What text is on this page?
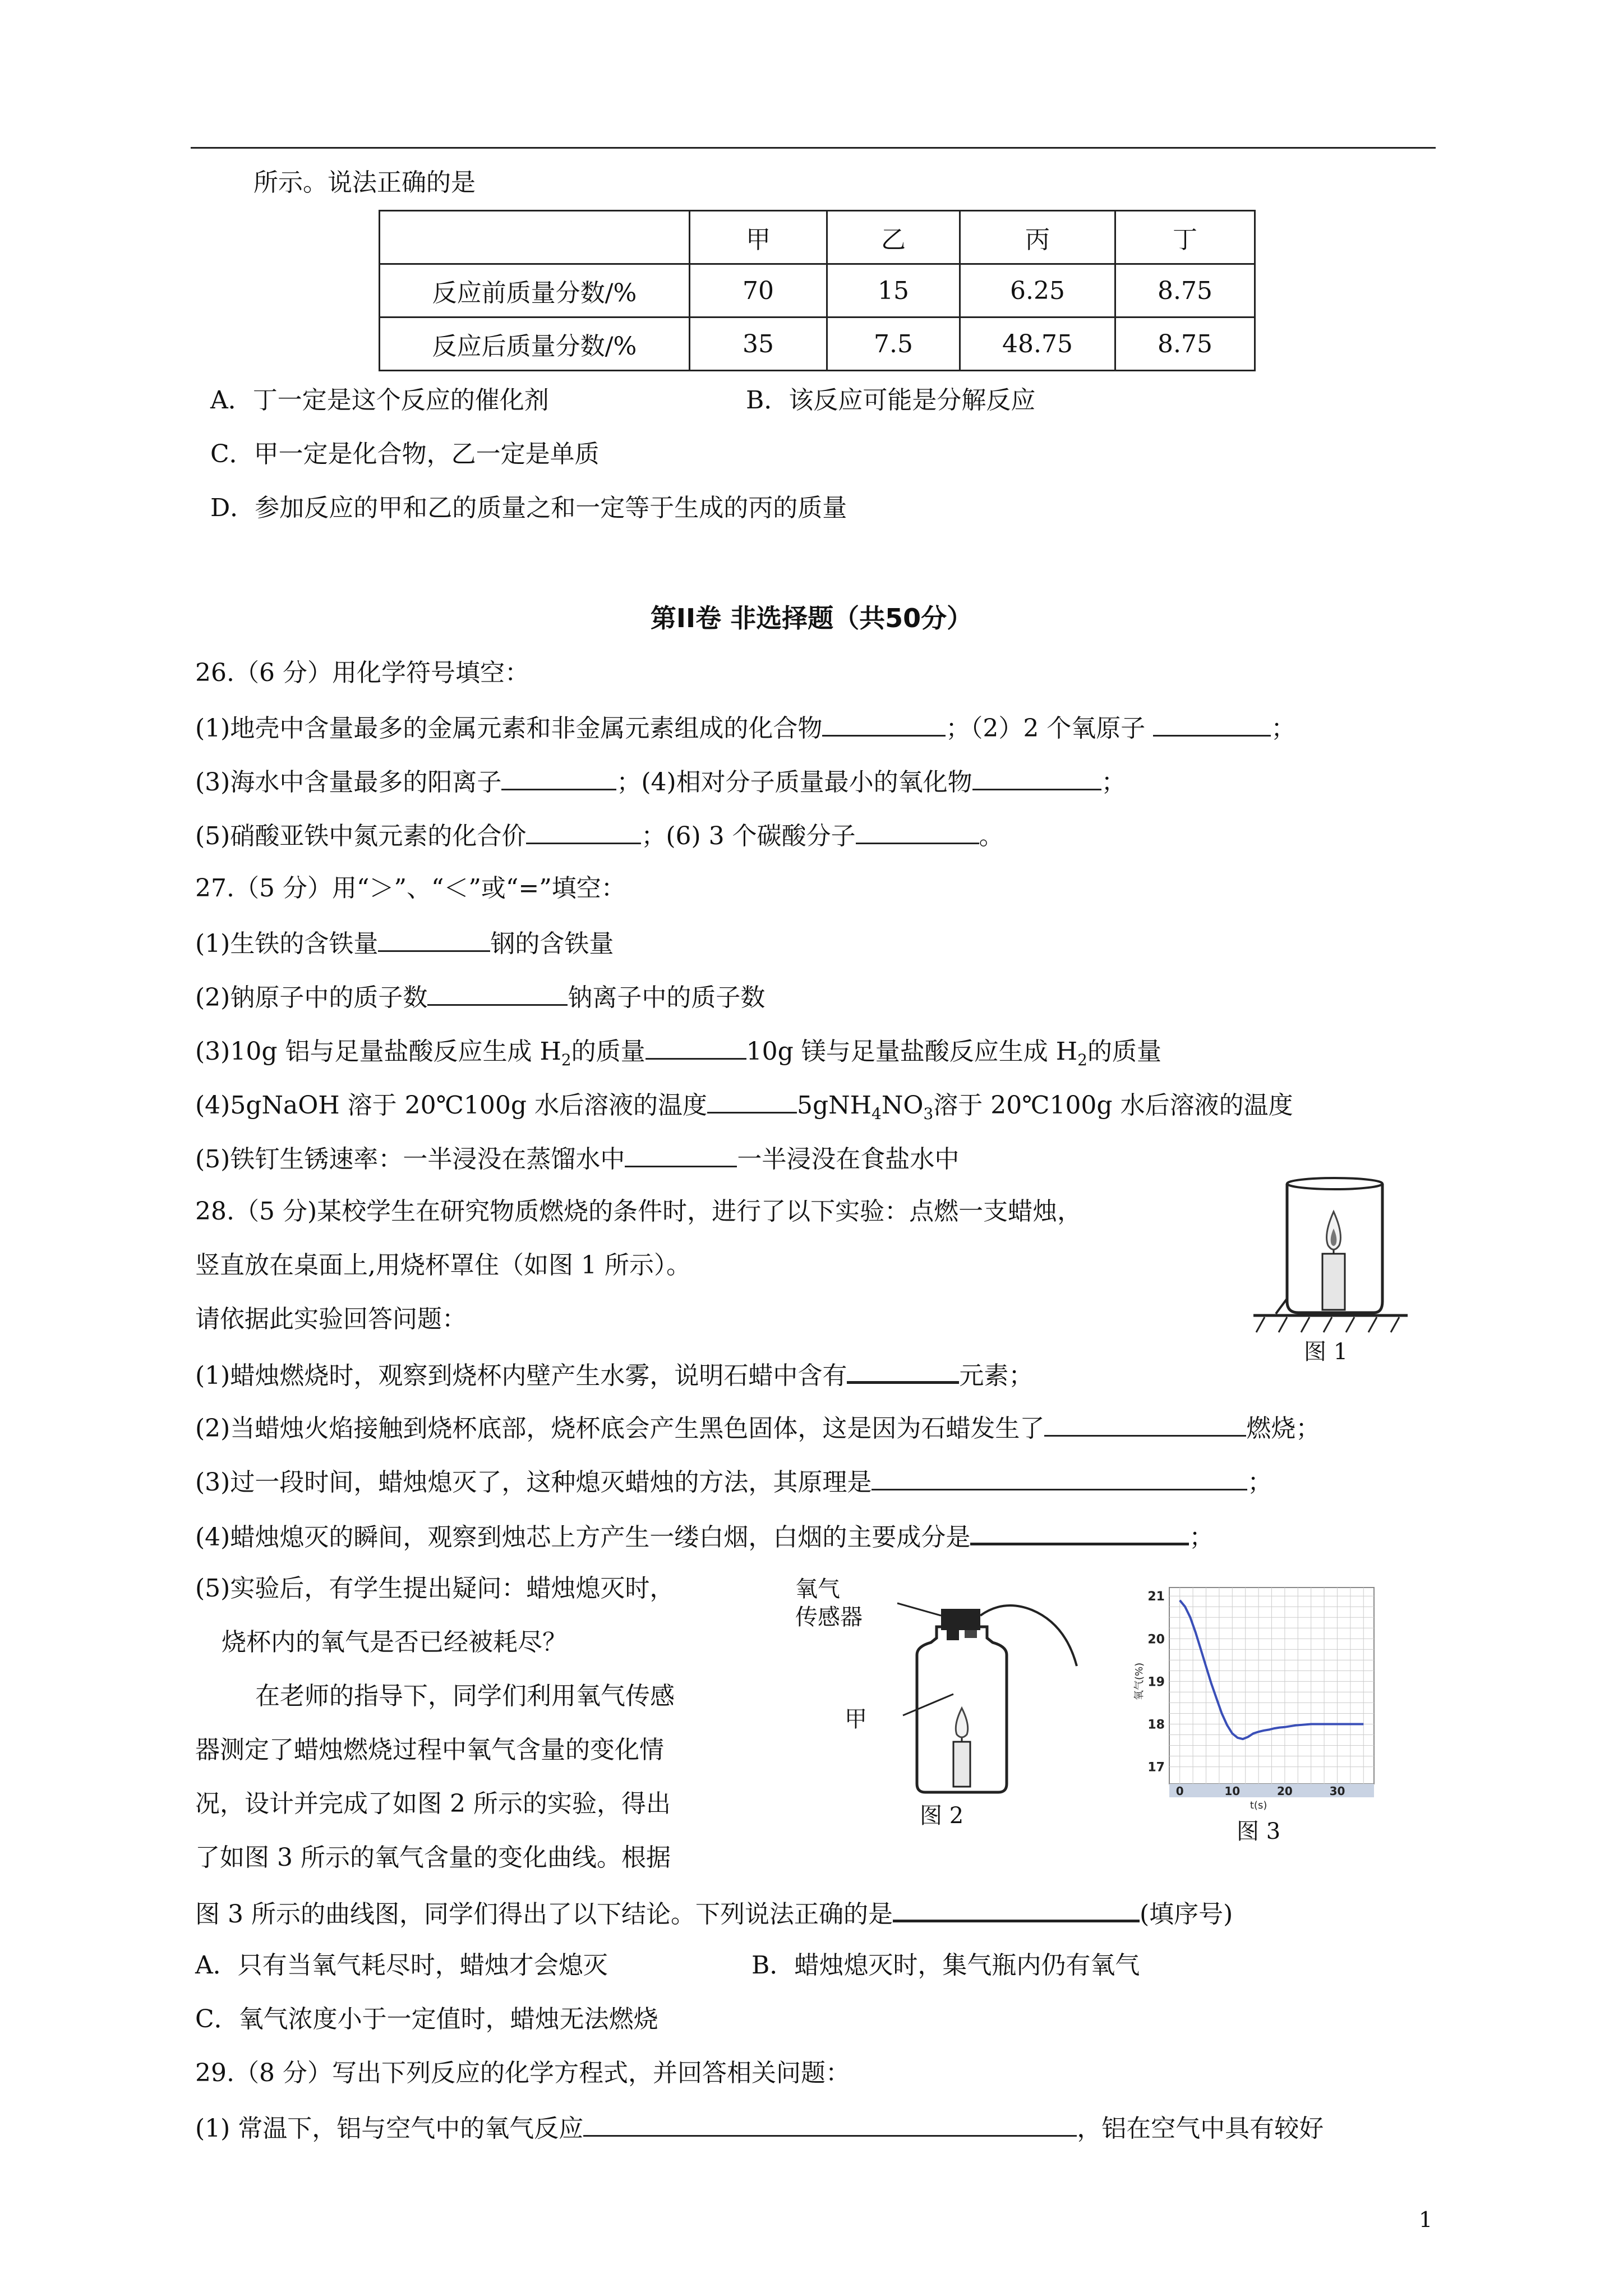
所示。说法正确的是
	甲	乙	丙	丁
反应前质量分数/%	70	15	6.25	8.75
反应后质量分数/%	35	7.5	48.75	8.75
A．丁一定是这个反应的催化剂	B．该反应可能是分解反应
C．甲一定是化合物，乙一定是单质
D．参加反应的甲和乙的质量之和一定等于生成的丙的质量
第II卷 非选择题（共50分）
26.（6 分）用化学符号填空：
(1)地壳中含量最多的金属元素和非金属元素组成的化合物	；（2）2 个氧原子	；
(3)海水中含量最多的阳离子	；(4)相对分子质量最小的氧化物	；
(5)硝酸亚铁中氮元素的化合价	；(6) 3 个碳酸分子	。
27.（5 分）用“＞”、“＜”或“=”填空：
(1)生铁的含铁量	钢的含铁量
(2)钠原子中的质子数	钠离子中的质子数
(3)10g 铝与足量盐酸反应生成 $H_2$的质量	10g 镁与足量盐酸反应生成 $H_2$的质量
(4)5gNaOH 溶于 20℃100g 水后溶液的温度	$5gNH_4NO_3$溶于 20℃100g 水后溶液的温度
(5)铁钉生锈速率：一半浸没在蒸馏水中	一半浸没在食盐水中
28.（5 分)某校学生在研究物质燃烧的条件时，进行了以下实验：点燃一支蜡烛，
竖直放在桌面上,用烧杯罩住（如图 1 所示）。
请依据此实验回答问题：
(1)蜡烛燃烧时，观察到烧杯内壁产生水雾，说明石蜡中含有	元素；
(2)当蜡烛火焰接触到烧杯底部，烧杯底会产生黑色固体，这是因为石蜡发生了	燃烧；
(3)过一段时间，蜡烛熄灭了，这种熄灭蜡烛的方法，其原理是	；
(4)蜡烛熄灭的瞬间，观察到烛芯上方产生一缕白烟，白烟的主要成分是	；
(5)实验后，有学生提出疑问：蜡烛熄灭时，
烧杯内的氧气是否已经被耗尽？
在老师的指导下，同学们利用氧气传感
器测定了蜡烛燃烧过程中氧气含量的变化情
况，设计并完成了如图 2 所示的实验，得出
了如图 3 所示的氧气含量的变化曲线。根据
图 3 所示的曲线图，同学们得出了以下结论。下列说法正确的是	(填序号)
A．只有当氧气耗尽时，蜡烛才会熄灭	B．蜡烛熄灭时，集气瓶内仍有氧气
C．氧气浓度小于一定值时，蜡烛无法燃烧
29.（8 分）写出下列反应的化学方程式，并回答相关问题：
(1) 常温下，铝与空气中的氧气反应	，铝在空气中具有较好
图 1
氧气
传感器
甲
图 2
17
18
19
20
21
0	10	20	30
t(s)
氧气(%)
图 3
1
